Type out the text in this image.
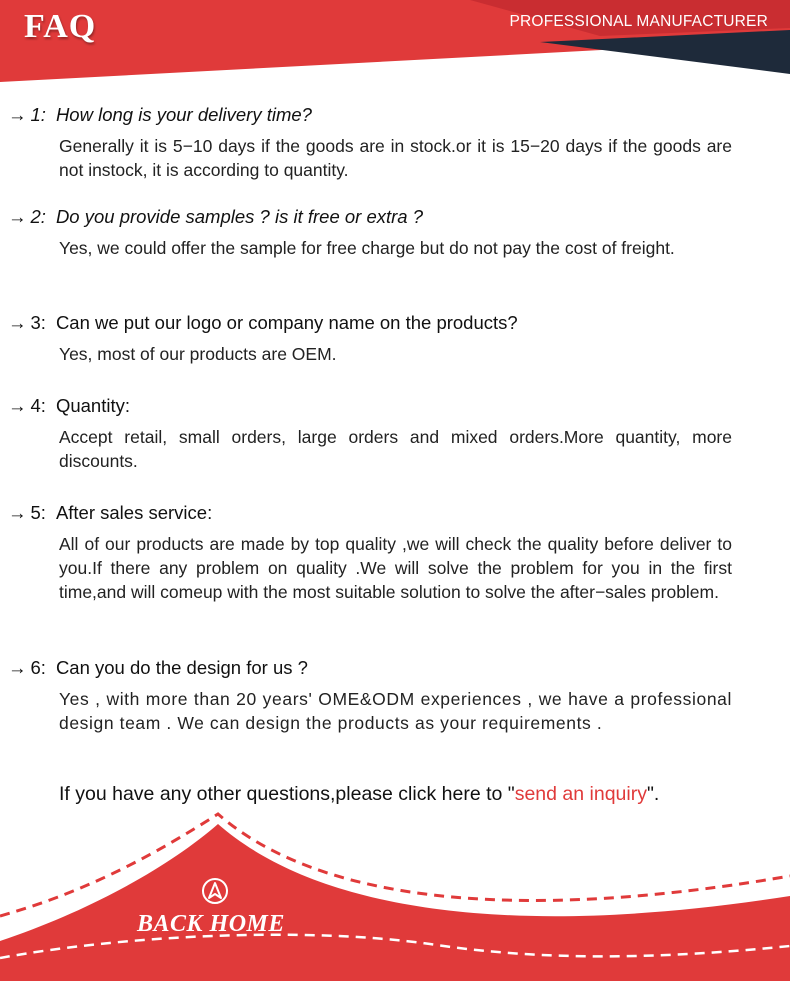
FAQ	PROFESSIONAL MANUFACTURER
→ 1: How long is your delivery time?
Generally it is 5−10 days if the goods are in stock.or it is 15−20 days if the goods are not instock, it is according to quantity.
→ 2: Do you provide samples ? is it free or extra ?
Yes, we could offer the sample for free charge but do not pay the cost of freight.
→ 3: Can we put our logo or company name on the products?
Yes, most of our products are OEM.
→ 4: Quantity:
Accept retail, small orders, large orders and mixed orders.More quantity, more discounts.
→ 5: After sales service:
All of our products are made by top quality ,we will check the quality before deliver to you.If there any problem on quality .We will solve the problem for you in the first time,and will comeup with the most suitable solution to solve the after−sales problem.
→ 6: Can you do the design for us ?
Yes , with more than 20 years' OME&ODM experiences , we have a professional design team . We can design the products as your requirements .
If you have any other questions,please click here to "send an inquiry".
BACK HOME
